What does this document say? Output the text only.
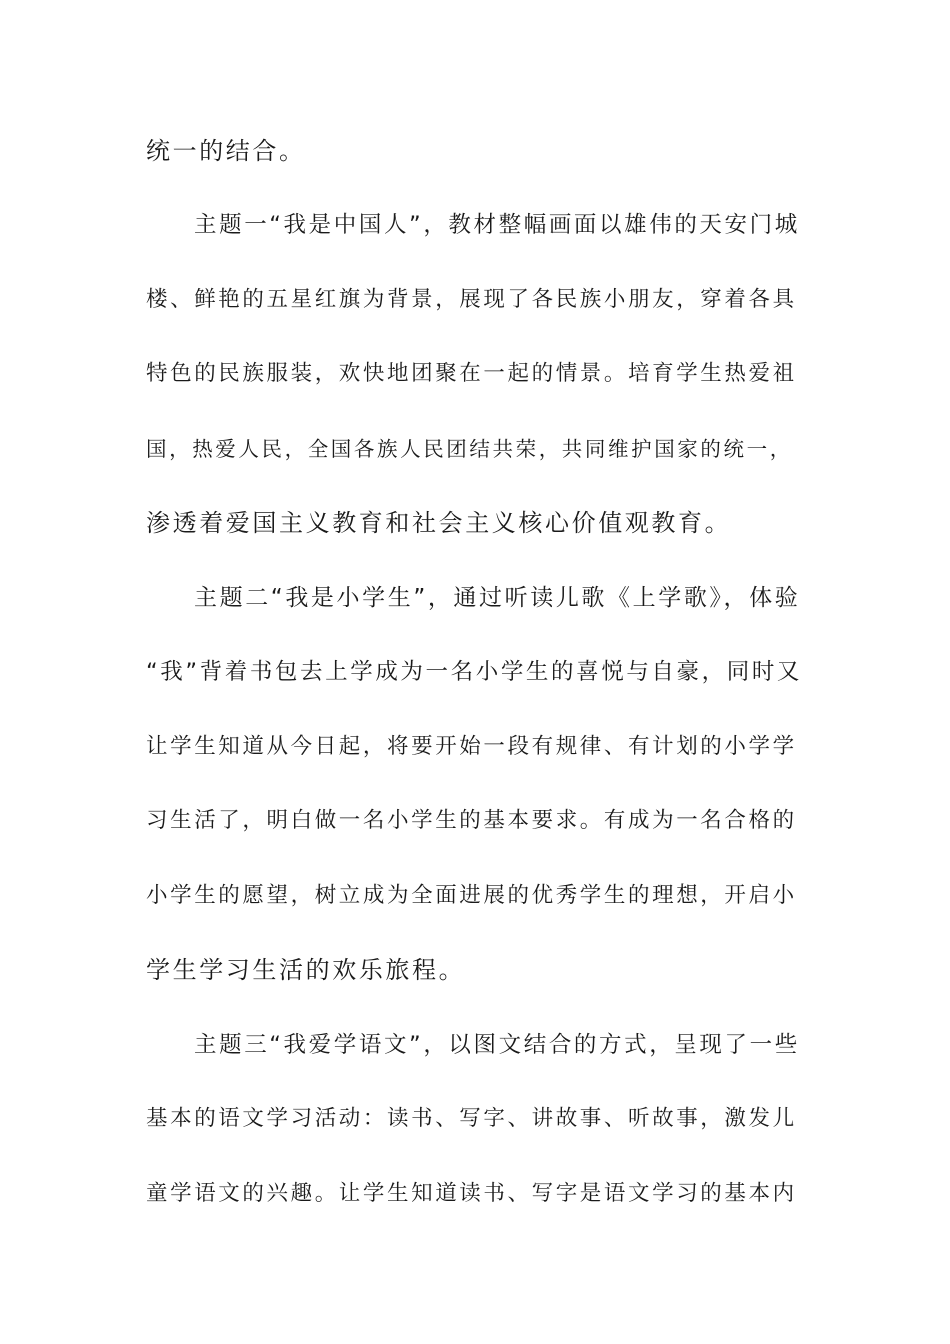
统一的结合。
主题一“我是中国人”，教材整幅画面以雄伟的天安门城
楼、鲜艳的五星红旗为背景，展现了各民族小朋友，穿着各具
特色的民族服装，欢快地团聚在一起的情景。培育学生热爱祖
国，热爱人民，全国各族人民团结共荣，共同维护国家的统一，
渗透着爱国主义教育和社会主义核心价值观教育。
主题二“我是小学生”，通过听读儿歌《上学歌》，体验
“我”背着书包去上学成为一名小学生的喜悦与自豪，同时又
让学生知道从今日起，将要开始一段有规律、有计划的小学学
习生活了，明白做一名小学生的基本要求。有成为一名合格的
小学生的愿望，树立成为全面进展的优秀学生的理想，开启小
学生学习生活的欢乐旅程。
主题三“我爱学语文”，以图文结合的方式，呈现了一些
基本的语文学习活动：读书、写字、讲故事、听故事，激发儿
童学语文的兴趣。让学生知道读书、写字是语文学习的基本内
